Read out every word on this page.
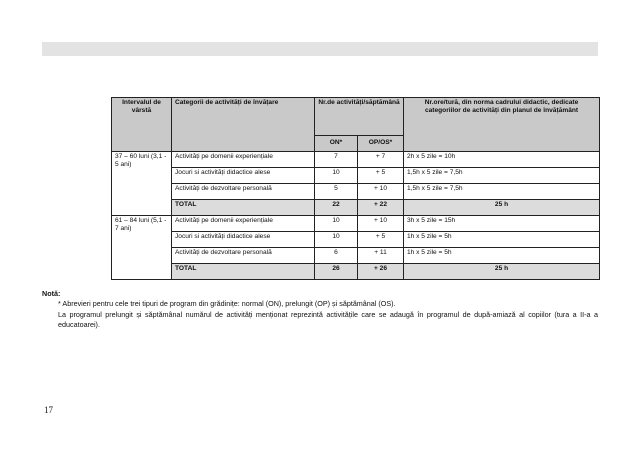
Intervalul de vârstă	Categorii de activități de învățare	Nr.de activități/săptămână		Nr.ore/tură, din norma cadrului didactic, dedicate categoriilor de activități din planul de învățământ
		ON*	OP/OS*	
37 – 60 luni (3,1 - 5 ani)	Activități pe domenii experiențiale	7	+ 7	2h x 5 zile = 10h
	Jocuri si activități didactice alese	10	+ 5	1,5h x 5 zile = 7,5h
	Activități de dezvoltare personală	5	+ 10	1,5h x 5 zile = 7,5h
	TOTAL	22	+ 22	25 h
61 – 84 luni (5,1 - 7 ani)	Activități pe domenii experiențiale	10	+ 10	3h x 5 zile = 15h
	Jocuri si activități didactice alese	10	+ 5	1h x 5 zile = 5h
	Activități de dezvoltare personală	6	+ 11	1h x 5 zile = 5h
	TOTAL	26	+ 26	25 h
Notă:
* Abrevieri pentru cele trei tipuri de program din grădinițe: normal (ON), prelungit (OP) și săptămânal (OS).
La programul prelungit și săptămânal numărul de activități menționat reprezintă activitățile care se adaugă în programul de după-amiază al copiilor (tura a II-a a educatoarei).
17
